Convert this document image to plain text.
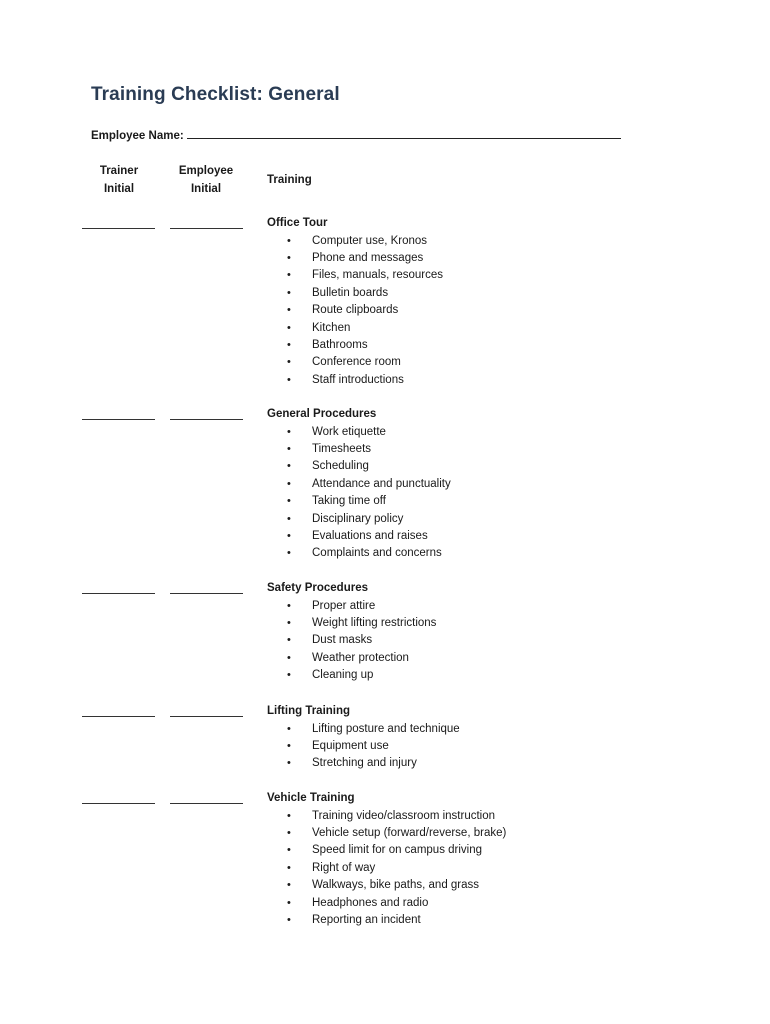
Training Checklist: General
Employee Name:
Trainer
Initial
Employee
Initial
Training
Office Tour
• Computer use, Kronos
• Phone and messages
• Files, manuals, resources
• Bulletin boards
• Route clipboards
• Kitchen
• Bathrooms
• Conference room
• Staff introductions
General Procedures
• Work etiquette
• Timesheets
• Scheduling
• Attendance and punctuality
• Taking time off
• Disciplinary policy
• Evaluations and raises
• Complaints and concerns
Safety Procedures
• Proper attire
• Weight lifting restrictions
• Dust masks
• Weather protection
• Cleaning up
Lifting Training
• Lifting posture and technique
• Equipment use
• Stretching and injury
Vehicle Training
• Training video/classroom instruction
• Vehicle setup (forward/reverse, brake)
• Speed limit for on campus driving
• Right of way
• Walkways, bike paths, and grass
• Headphones and radio
• Reporting an incident
